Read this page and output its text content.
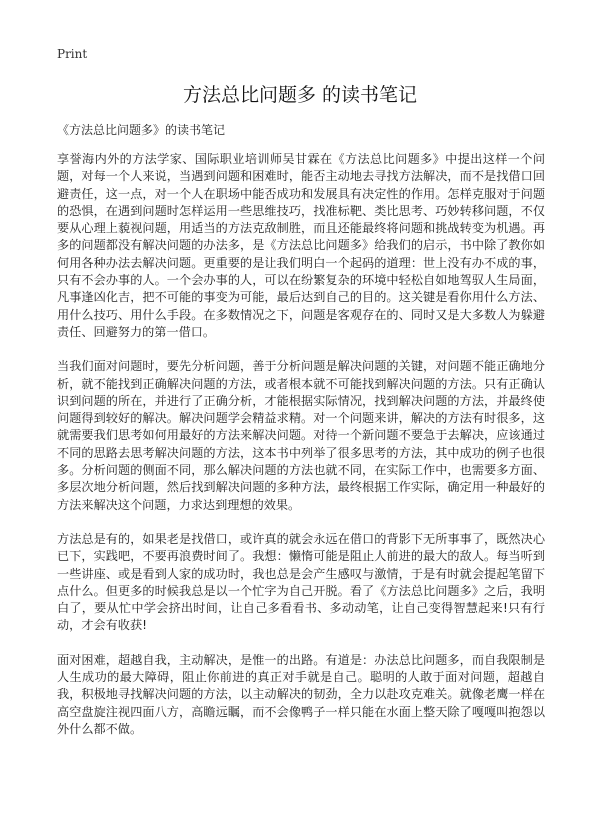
Print
方法总比问题多 的读书笔记

《方法总比问题多》的读书笔记

享誉海内外的方法学家、国际职业培训师吴甘霖在《方法总比问题多》中提出这样一个问题，对每一个人来说，当遇到问题和困难时，能否主动地去寻找方法解决，而不是找借口回避责任，这一点，对一个人在职场中能否成功和发展具有决定性的作用。怎样克服对于问题的恐惧，在遇到问题时怎样运用一些思维技巧，找准标靶、类比思考、巧妙转移问题，不仅要从心理上藐视问题，用适当的方法克敌制胜，而且还能最终将问题和挑战转变为机遇。再多的问题都没有解决问题的办法多，是《方法总比问题多》给我们的启示，书中除了教你如何用各种办法去解决问题。更重要的是让我们明白一个起码的道理：世上没有办不成的事，只有不会办事的人。一个会办事的人，可以在纷繁复杂的环境中轻松自如地驾驭人生局面，凡事逢凶化吉，把不可能的事变为可能，最后达到自己的目的。这关键是看你用什么方法、用什么技巧、用什么手段。在多数情况之下，问题是客观存在的、同时又是大多数人为躲避责任、回避努力的第一借口。

当我们面对问题时，要先分析问题，善于分析问题是解决问题的关键，对问题不能正确地分析，就不能找到正确解决问题的方法，或者根本就不可能找到解决问题的方法。只有正确认识到问题的所在，并进行了正确分析，才能根据实际情况，找到解决问题的方法，并最终使问题得到较好的解决。解决问题学会精益求精。对一个问题来讲，解决的方法有时很多，这就需要我们思考如何用最好的方法来解决问题。对待一个新问题不要急于去解决，应该通过不同的思路去思考解决问题的方法，这本书中列举了很多思考的方法，其中成功的例子也很多。分析问题的侧面不同，那么解决问题的方法也就不同，在实际工作中，也需要多方面、多层次地分析问题，然后找到解决问题的多种方法，最终根据工作实际，确定用一种最好的方法来解决这个问题，力求达到理想的效果。

方法总是有的，如果老是找借口，或许真的就会永远在借口的背影下无所事事了，既然决心已下，实践吧，不要再浪费时间了。我想：懒惰可能是阻止人前进的最大的敌人。每当听到一些讲座、或是看到人家的成功时，我也总是会产生感叹与激情，于是有时就会提起笔留下点什么。但更多的时候我总是以一个忙字为自己开脱。看了《方法总比问题多》之后，我明白了，要从忙中学会挤出时间，让自己多看看书、多动动笔，让自己变得智慧起来!只有行动，才会有收获!

面对困难，超越自我，主动解决，是惟一的出路。有道是：办法总比问题多，而自我限制是人生成功的最大障碍，阻止你前进的真正对手就是自己。聪明的人敢于面对问题，超越自我，积极地寻找解决问题的方法，以主动解决的韧劲，全力以赴攻克难关。就像老鹰一样在高空盘旋注视四面八方，高瞻远瞩，而不会像鸭子一样只能在水面上整天除了嘎嘎叫抱怨以外什么都不做。
